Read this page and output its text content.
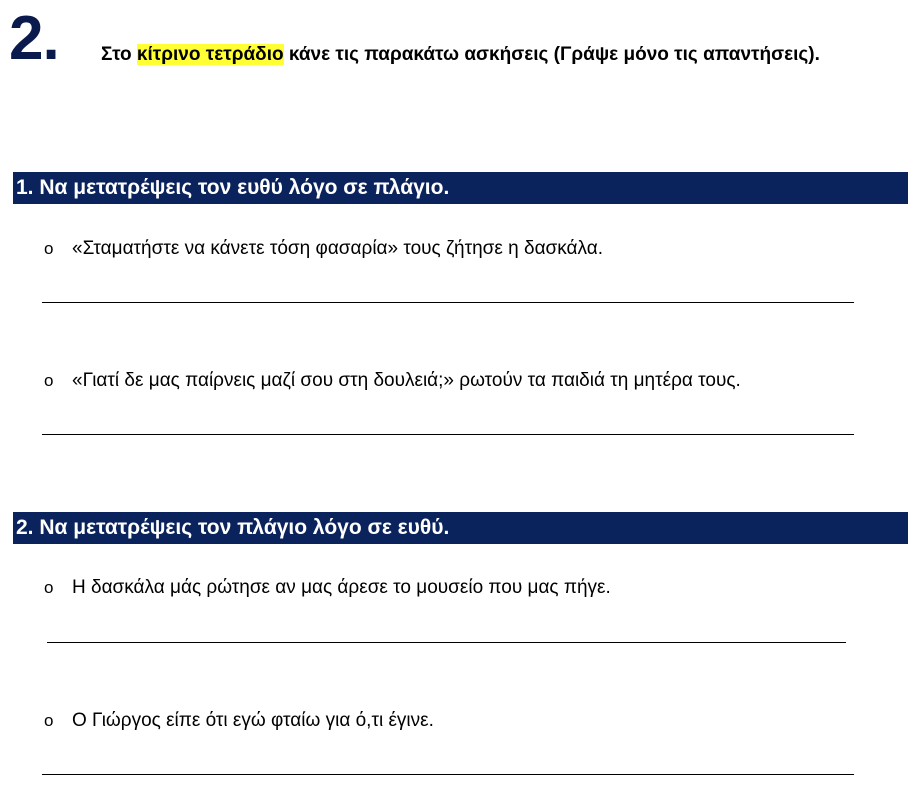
2. Στο κίτρινο τετράδιο κάνε τις παρακάτω ασκήσεις (Γράψε μόνο τις απαντήσεις).
1. Να μετατρέψεις τον ευθύ λόγο σε πλάγιο.
o «Σταματήστε να κάνετε τόση φασαρία» τους ζήτησε η δασκάλα.
o «Γιατί δε μας παίρνεις μαζί σου στη δουλειά;» ρωτούν τα παιδιά τη μητέρα τους.
2. Να μετατρέψεις τον πλάγιο λόγο σε ευθύ.
o Η δασκάλα μάς ρώτησε αν μας άρεσε το μουσείο που μας πήγε.
o Ο Γιώργος είπε ότι εγώ φταίω για ό,τι έγινε.
